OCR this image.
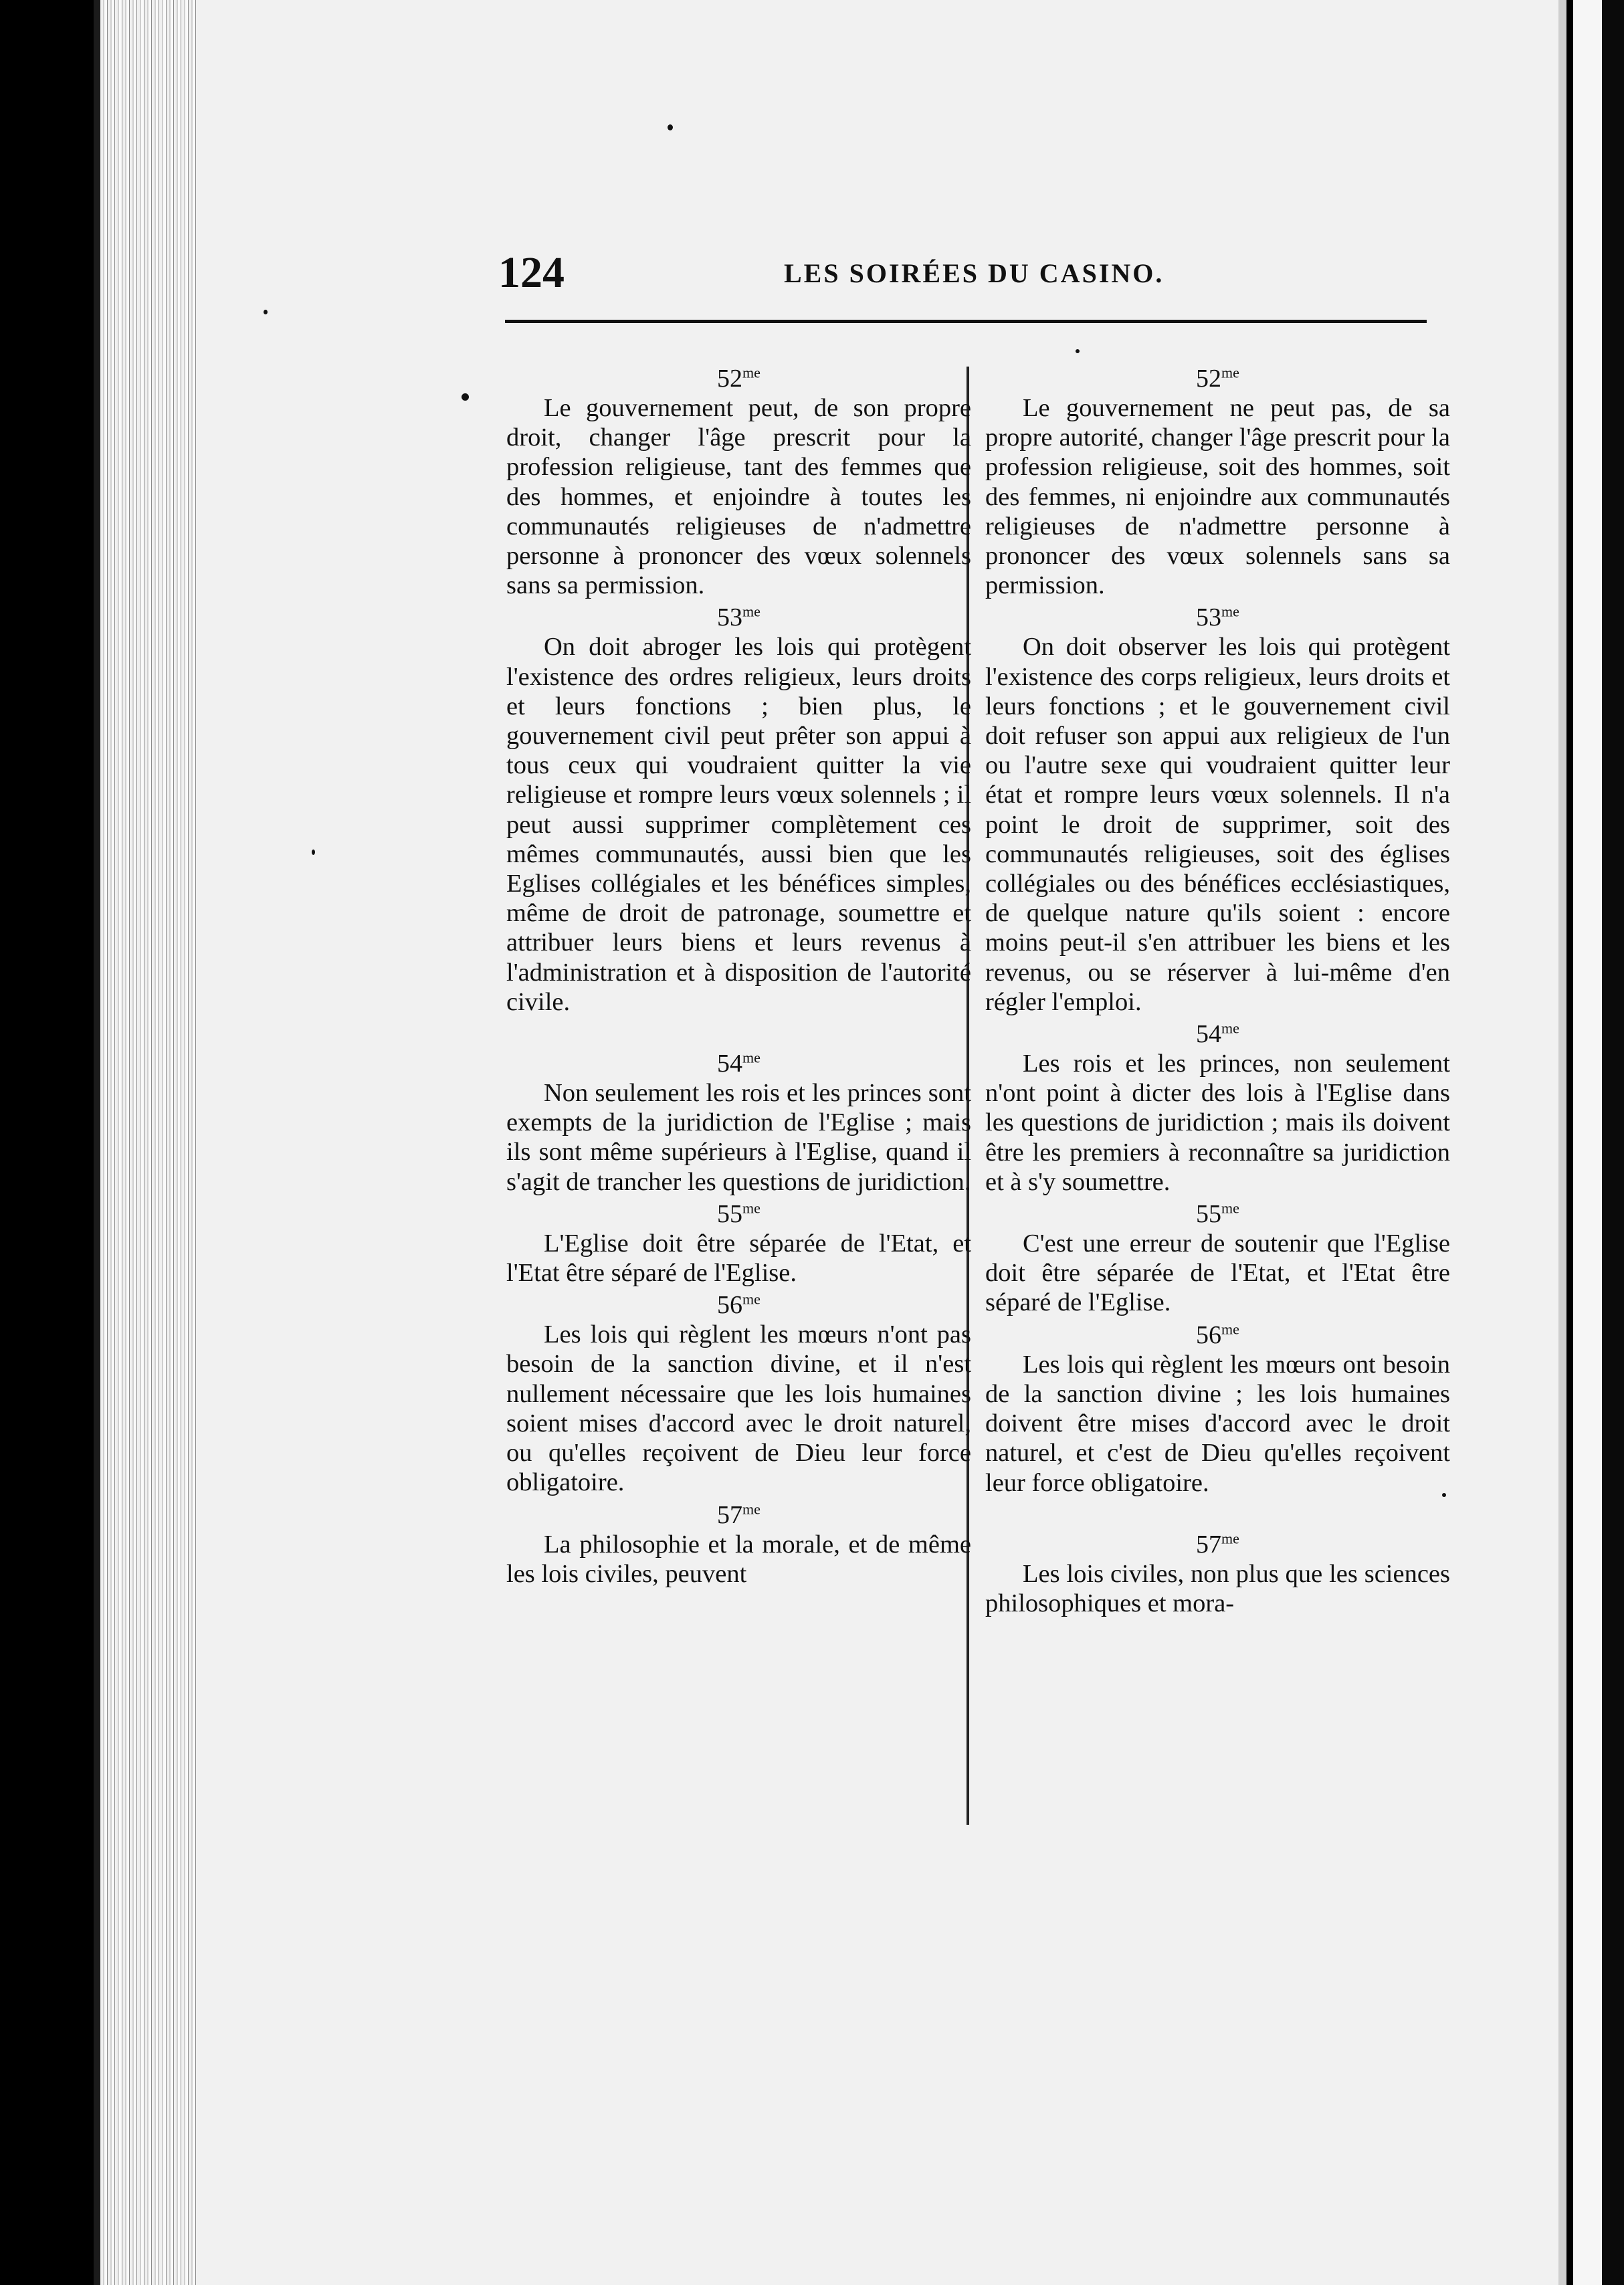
124	LES SOIRÉES DU CASINO.
$52^{me}$

Le gouvernement peut, de son propre droit, changer l'âge prescrit pour la profession religieuse, tant des femmes que des hommes, et enjoindre à toutes les communautés religieuses de n'admettre personne à prononcer des vœux solennels sans sa permission.

$53^{me}$

On doit abroger les lois qui protègent l'existence des ordres religieux, leurs droits et leurs fonctions ; bien plus, le gouvernement civil peut prêter son appui à tous ceux qui voudraient quitter la vie religieuse et rompre leurs vœux solennels ; il peut aussi supprimer complètement ces mêmes communautés, aussi bien que les Eglises collégiales et les bénéfices simples, même de droit de patronage, soumettre et attribuer leurs biens et leurs revenus à l'administration et à disposition de l'autorité civile.

$54^{me}$

Non seulement les rois et les princes sont exempts de la juridiction de l'Eglise ; mais ils sont même supérieurs à l'Eglise, quand il s'agit de trancher les questions de juridiction.

$55^{me}$

L'Eglise doit être séparée de l'Etat, et l'Etat être séparé de l'Eglise.

$56^{me}$

Les lois qui règlent les mœurs n'ont pas besoin de la sanction divine, et il n'est nullement nécessaire que les lois humaines soient mises d'accord avec le droit naturel, ou qu'elles reçoivent de Dieu leur force obligatoire.

$57^{me}$

La philosophie et la morale, et de même les lois civiles, peuvent

$52^{me}$

Le gouvernement ne peut pas, de sa propre autorité, changer l'âge prescrit pour la profession religieuse, soit des hommes, soit des femmes, ni enjoindre aux communautés religieuses de n'admettre personne à prononcer des vœux solennels sans sa permission.

$53^{me}$

On doit observer les lois qui protègent l'existence des corps religieux, leurs droits et leurs fonctions ; et le gouvernement civil doit refuser son appui aux religieux de l'un ou l'autre sexe qui voudraient quitter leur état et rompre leurs vœux solennels. Il n'a point le droit de supprimer, soit des communautés religieuses, soit des églises collégiales ou des bénéfices ecclésiastiques, de quelque nature qu'ils soient : encore moins peut-il s'en attribuer les biens et les revenus, ou se réserver à lui-même d'en régler l'emploi.

$54^{me}$

Les rois et les princes, non seulement n'ont point à dicter des lois à l'Eglise dans les questions de juridiction ; mais ils doivent être les premiers à reconnaître sa juridiction et à s'y soumettre.

$55^{me}$

C'est une erreur de soutenir que l'Eglise doit être séparée de l'Etat, et l'Etat être séparé de l'Eglise.

$56^{me}$

Les lois qui règlent les mœurs ont besoin de la sanction divine ; les lois humaines doivent être mises d'accord avec le droit naturel, et c'est de Dieu qu'elles reçoivent leur force obligatoire.

$57^{me}$

Les lois civiles, non plus que les sciences philosophiques et mora-
